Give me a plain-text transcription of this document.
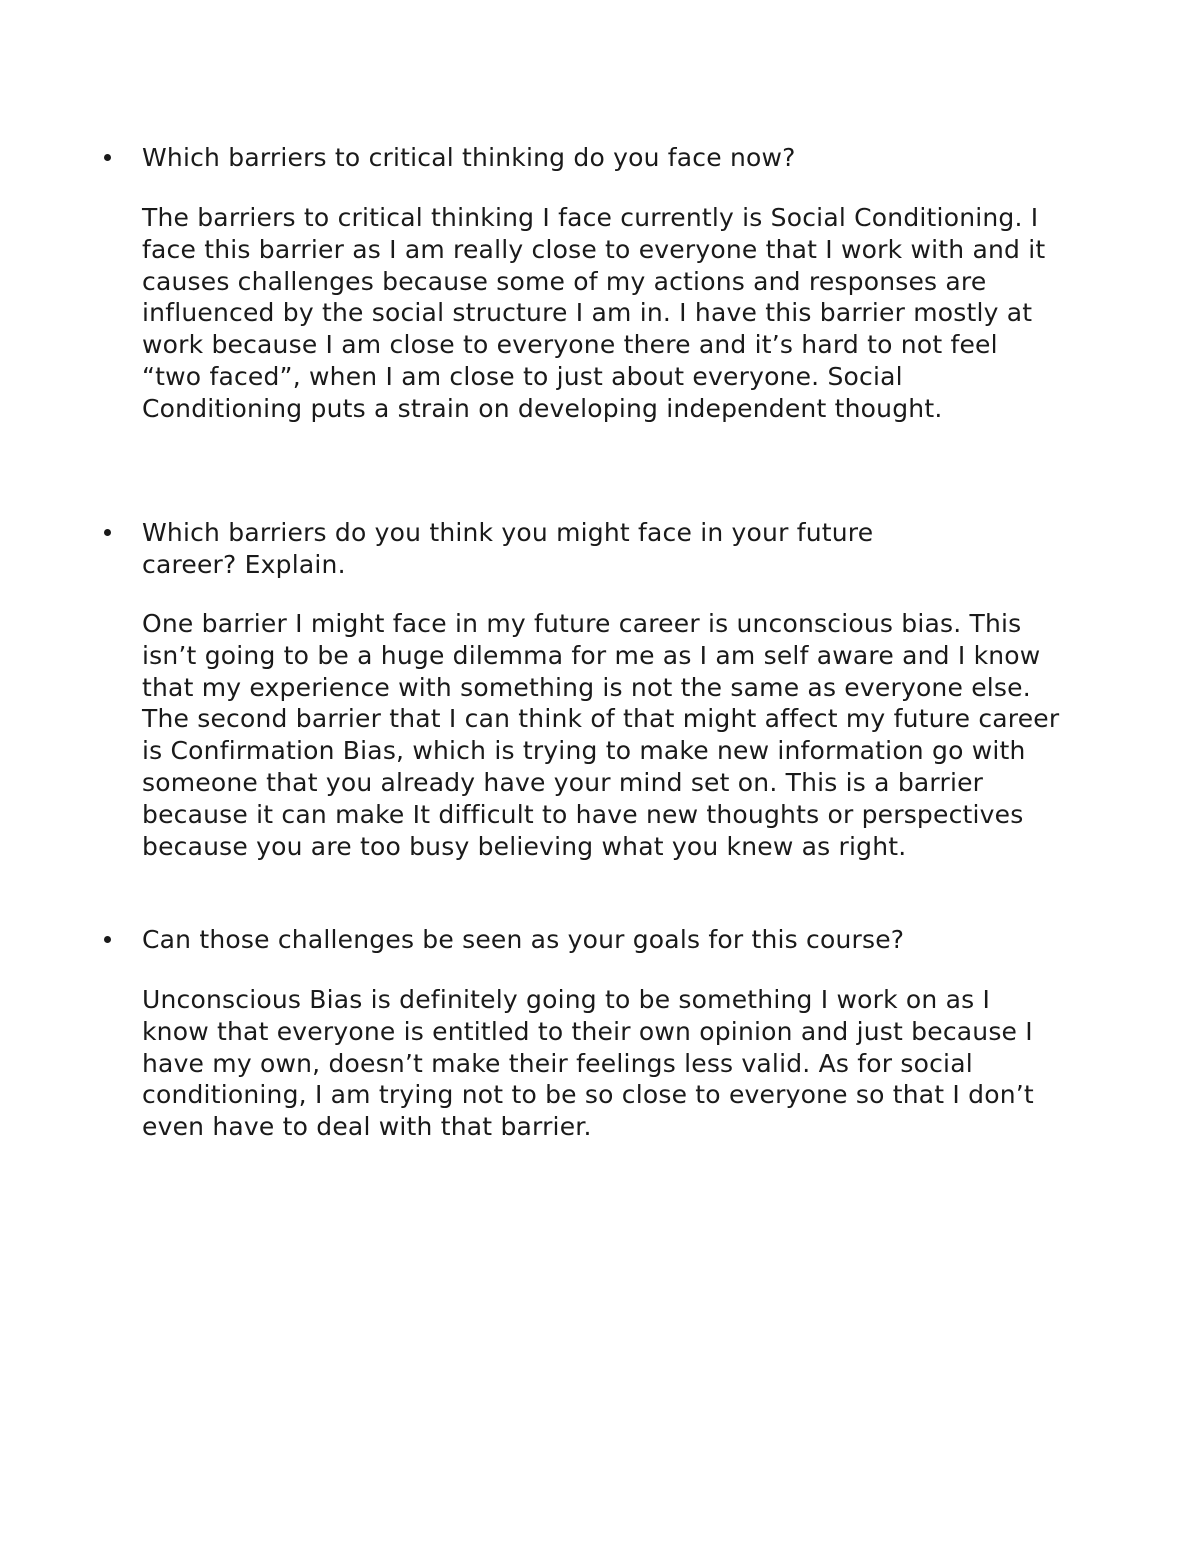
Which barriers to critical thinking do you face now?

The barriers to critical thinking I face currently is Social Conditioning. I face this barrier as I am really close to everyone that I work with and it causes challenges because some of my actions and responses are influenced by the social structure I am in. I have this barrier mostly at work because I am close to everyone there and it’s hard to not feel “two faced”, when I am close to just about everyone. Social Conditioning puts a strain on developing independent thought.

Which barriers do you think you might face in your future career? Explain.

One barrier I might face in my future career is unconscious bias. This isn’t going to be a huge dilemma for me as I am self aware and I know that my experience with something is not the same as everyone else. The second barrier that I can think of that might affect my future career is Confirmation Bias, which is trying to make new information go with someone that you already have your mind set on. This is a barrier because it can make It difficult to have new thoughts or perspectives because you are too busy believing what you knew as right.

Can those challenges be seen as your goals for this course?

Unconscious Bias is definitely going to be something I work on as I know that everyone is entitled to their own opinion and just because I have my own, doesn’t make their feelings less valid. As for social conditioning, I am trying not to be so close to everyone so that I don’t even have to deal with that barrier.
